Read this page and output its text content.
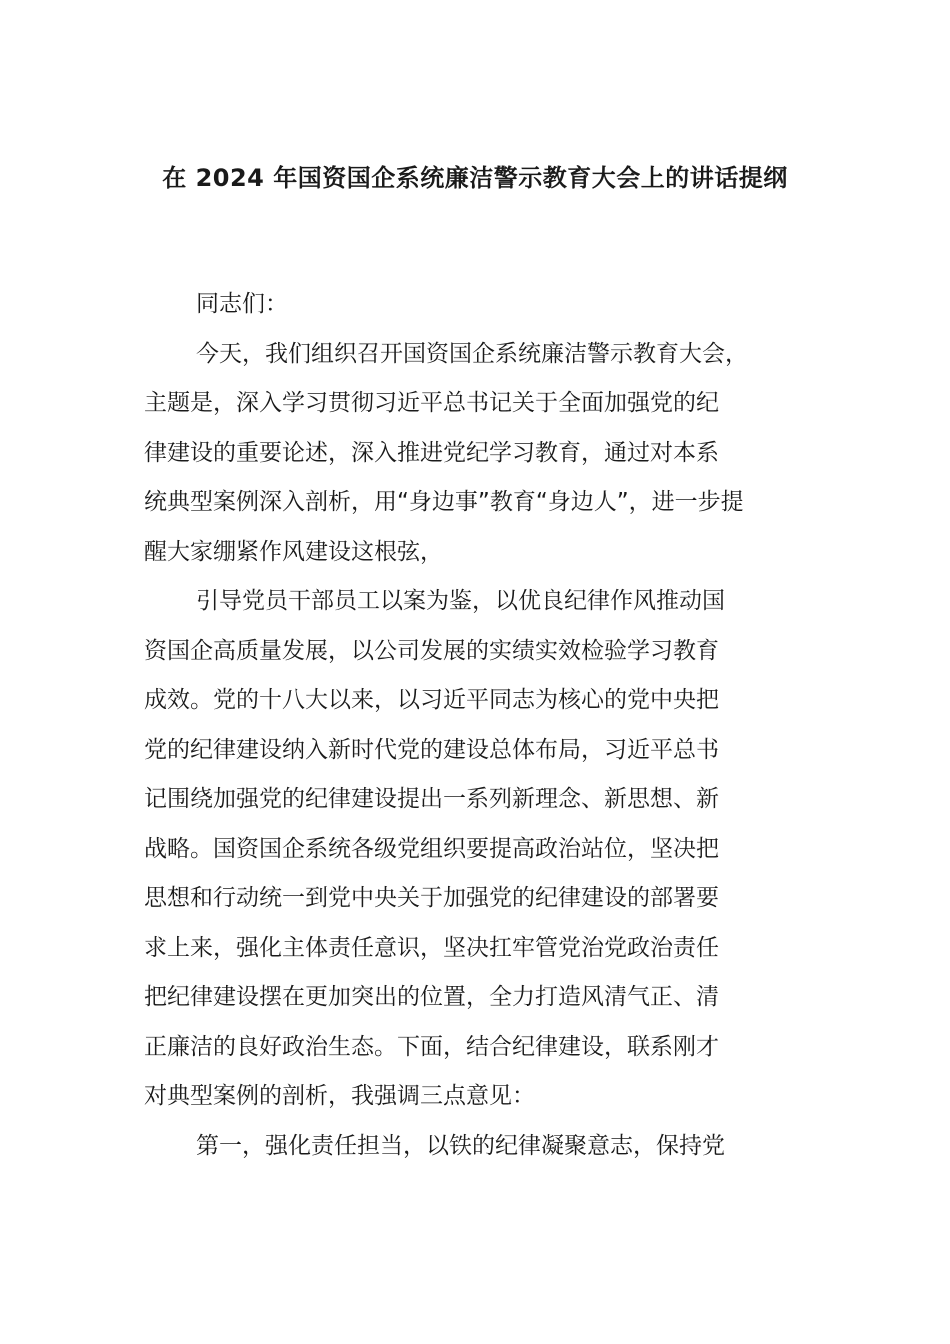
在 2024 年国资国企系统廉洁警示教育大会上的讲话提纲

同志们：

今天，我们组织召开国资国企系统廉洁警示教育大会，
主题是，深入学习贯彻习近平总书记关于全面加强党的纪
律建设的重要论述，深入推进党纪学习教育，通过对本系
统典型案例深入剖析，用“身边事”教育“身边人”，进一步提
醒大家绷紧作风建设这根弦，

引导党员干部员工以案为鉴，以优良纪律作风推动国
资国企高质量发展，以公司发展的实绩实效检验学习教育
成效。党的十八大以来，以习近平同志为核心的党中央把
党的纪律建设纳入新时代党的建设总体布局，习近平总书
记围绕加强党的纪律建设提出一系列新理念、新思想、新
战略。国资国企系统各级党组织要提高政治站位，坚决把
思想和行动统一到党中央关于加强党的纪律建设的部署要
求上来，强化主体责任意识，坚决扛牢管党治党政治责任
把纪律建设摆在更加突出的位置，全力打造风清气正、清
正廉洁的良好政治生态。下面，结合纪律建设，联系刚才
对典型案例的剖析，我强调三点意见：

第一，强化责任担当，以铁的纪律凝聚意志，保持党
